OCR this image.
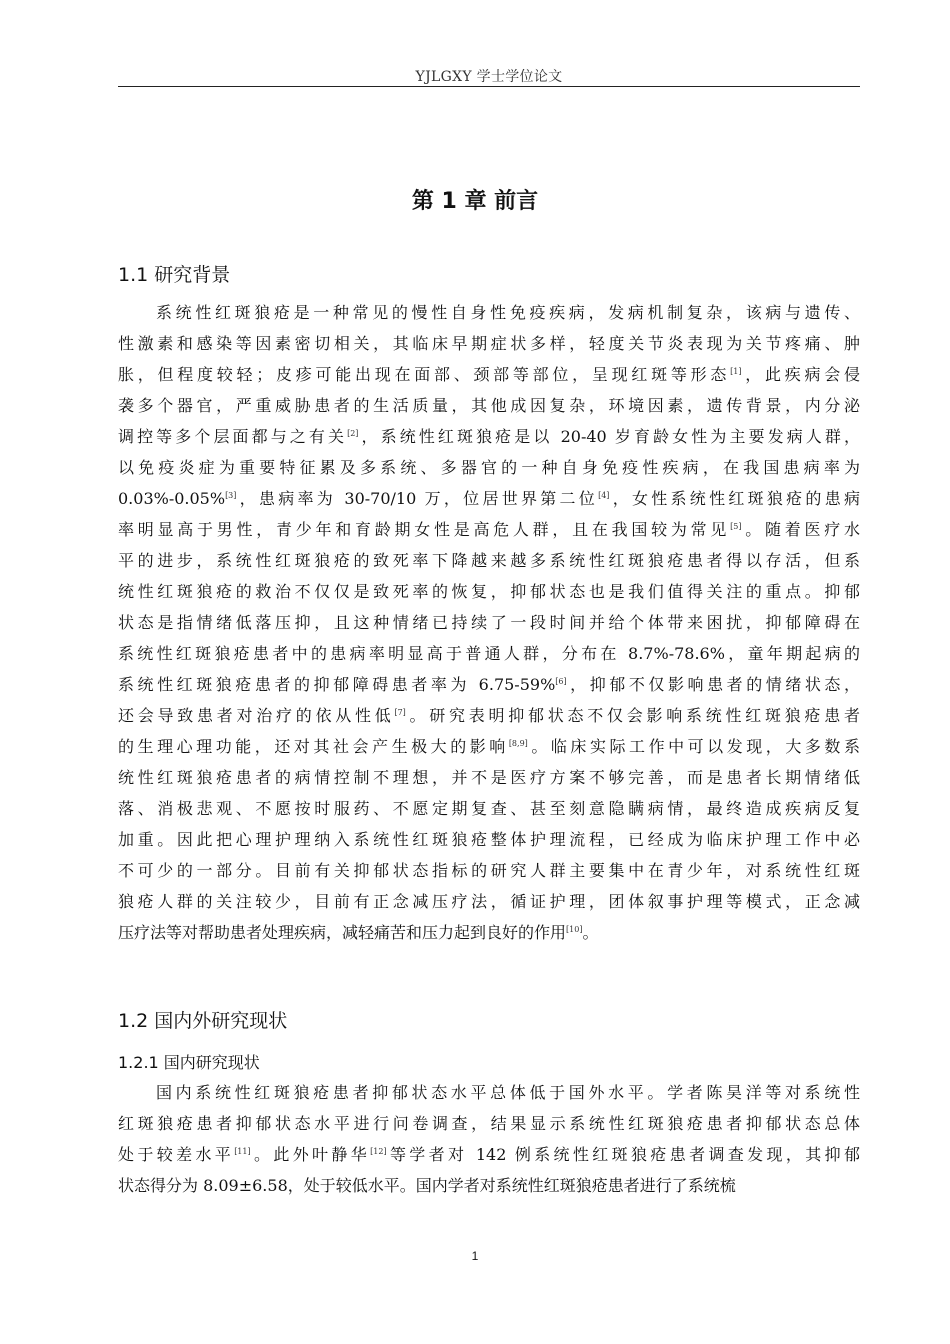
YJLGXY 学士学位论文
第 1 章 前言
1.1 研究背景
系统性红斑狼疮是一种常见的慢性自身性免疫疾病，发病机制复杂，该病与遗传、
性激素和感染等因素密切相关，其临床早期症状多样，轻度关节炎表现为关节疼痛、肿
胀，但程度较轻；皮疹可能出现在面部、颈部等部位，呈现红斑等形态[1]，此疾病会侵
袭多个器官，严重威胁患者的生活质量，其他成因复杂，环境因素，遗传背景，内分泌
调控等多个层面都与之有关[2]，系统性红斑狼疮是以 20-40 岁育龄女性为主要发病人群，
以免疫炎症为重要特征累及多系统、多器官的一种自身免疫性疾病，在我国患病率为
0.03%-0.05%[3]，患病率为 30-70/10 万，位居世界第二位[4]，女性系统性红斑狼疮的患病
率明显高于男性，青少年和育龄期女性是高危人群，且在我国较为常见[5]。随着医疗水
平的进步，系统性红斑狼疮的致死率下降越来越多系统性红斑狼疮患者得以存活，但系
统性红斑狼疮的救治不仅仅是致死率的恢复，抑郁状态也是我们值得关注的重点。抑郁
状态是指情绪低落压抑，且这种情绪已持续了一段时间并给个体带来困扰，抑郁障碍在
系统性红斑狼疮患者中的患病率明显高于普通人群，分布在 8.7%-78.6%，童年期起病的
系统性红斑狼疮患者的抑郁障碍患者率为 6.75-59%[6]，抑郁不仅影响患者的情绪状态，
还会导致患者对治疗的依从性低[7]。研究表明抑郁状态不仅会影响系统性红斑狼疮患者
的生理心理功能，还对其社会产生极大的影响[8,9]。临床实际工作中可以发现，大多数系
统性红斑狼疮患者的病情控制不理想，并不是医疗方案不够完善，而是患者长期情绪低
落、消极悲观、不愿按时服药、不愿定期复查、甚至刻意隐瞒病情，最终造成疾病反复
加重。因此把心理护理纳入系统性红斑狼疮整体护理流程，已经成为临床护理工作中必
不可少的一部分。目前有关抑郁状态指标的研究人群主要集中在青少年，对系统性红斑
狼疮人群的关注较少，目前有正念减压疗法，循证护理，团体叙事护理等模式，正念减
压疗法等对帮助患者处理疾病，减轻痛苦和压力起到良好的作用[10]。
1.2 国内外研究现状
1.2.1 国内研究现状
国内系统性红斑狼疮患者抑郁状态水平总体低于国外水平。学者陈昊洋等对系统性
红斑狼疮患者抑郁状态水平进行问卷调查，结果显示系统性红斑狼疮患者抑郁状态总体
处于较差水平[11]。此外叶静华[12]等学者对 142 例系统性红斑狼疮患者调查发现，其抑郁
状态得分为 8.09±6.58，处于较低水平。国内学者对系统性红斑狼疮患者进行了系统梳
1
